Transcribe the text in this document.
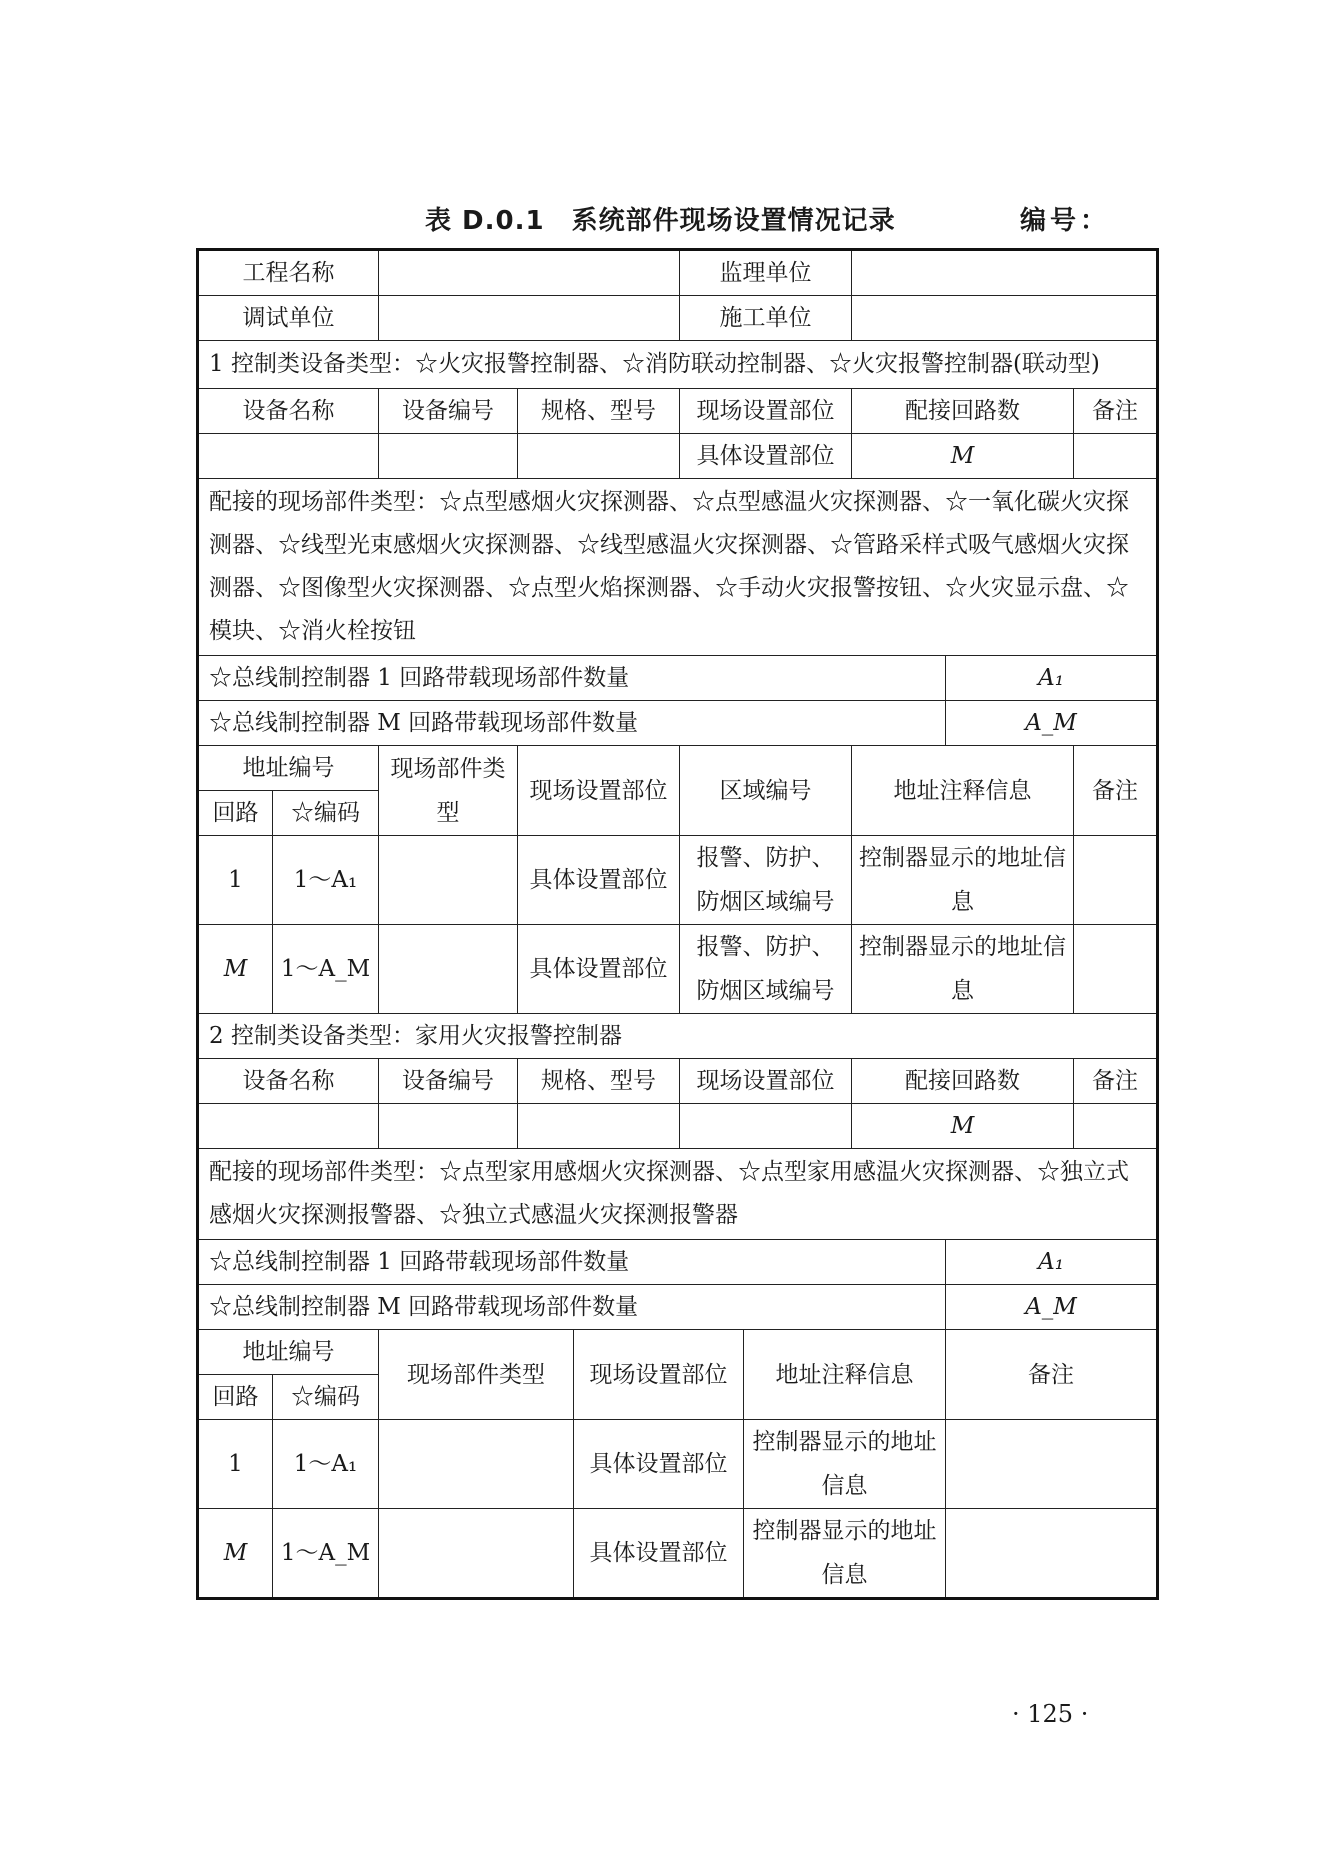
表 D.0.1　系统部件现场设置情况记录	编号：
工程名称					监理单位				
调试单位					施工单位				
1 控制类设备类型：☆火灾报警控制器、☆消防联动控制器、☆火灾报警控制器(联动型)									
设备名称		设备编号	规格、型号		现场设置部位		配接回路数		备注
					具体设置部位		M		
配接的现场部件类型：☆点型感烟火灾探测器、☆点型感温火灾探测器、☆一氧化碳火灾探测器、☆线型光束感烟火灾探测器、☆线型感温火灾探测器、☆管路采样式吸气感烟火灾探测器、☆图像型火灾探测器、☆点型火焰探测器、☆手动火灾报警按钮、☆火灾显示盘、☆模块、☆消火栓按钮									
☆总线制控制器 1 回路带载现场部件数量								A₁	
☆总线制控制器 M 回路带载现场部件数量								A_M	
地址编号		现场部件类型	现场设置部位		区域编号		地址注释信息		备注
回路	☆编码								
1	1～A₁		具体设置部位		报警、防护、防烟区域编号		控制器显示的地址信息		
M	1～A_M		具体设置部位		报警、防护、防烟区域编号		控制器显示的地址信息		
2 控制类设备类型：家用火灾报警控制器									
设备名称		设备编号	规格、型号		现场设置部位		配接回路数		备注
							M		
配接的现场部件类型：☆点型家用感烟火灾探测器、☆点型家用感温火灾探测器、☆独立式感烟火灾探测报警器、☆独立式感温火灾探测报警器									
☆总线制控制器 1 回路带载现场部件数量								A₁	
☆总线制控制器 M 回路带载现场部件数量								A_M	
地址编号		现场部件类型		现场设置部位		地址注释信息		备注	
回路	☆编码								
1	1～A₁			具体设置部位		控制器显示的地址信息			
M	1～A_M			具体设置部位		控制器显示的地址信息			
· 125 ·
